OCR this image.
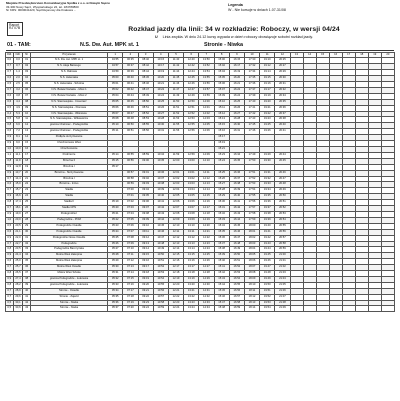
Miejskie Przedsiębiorstwo Komunikacyjne Spółka z o.o. w Nowym Sączu
33-300 Nowy Sącz, Wyspiańskiego 22, tel. 184780800
Nr KRS: 0000041220, Sąd Rejonowy dla Krakowa ...
Legenda
W - Nie kursuje w dniach 1.07-31/08
Raport
RJ 07B	Rozkład jazdy dla linii: 34 w rozkładzie: Roboczy, w wersji 04/24
U Linia zwykła. W dniu 24.12 kursy wypada w dzień roboczy obowiązuje sobotni rozkład jazdy.
01 - TAM:	N.S. Dw. Aut. MPK st. 1	Stronie - Niwka
Odl.	Odl.	Nr	Przystanek	1	2	3	4	5	6	7	8	9	10	11	12	13	14	15	16	17	18	19	20
0,0	0,0	01	N.S. Dw. Aut. MPK st. 1	04:55	06:35	08:40	10:15	11:40	12:40	13:50	15:00	16:15	17:30	19:10	20:25								
0,7	0,7	02	N.S. Aleja Batorego	04:57	06:37	08:42	10:17	11:42	12:42	13:52	15:02	16:17	17:32	19:12	20:27								
0,7	1,4	03	N.S. Rabowa	04:59	06:39	08:44	10:19	11:44	12:44	13:54	15:04	16:19	17:34	19:14	20:29								
0,6	2,0	04	N.S. Heleniaka	05:00	06:40	08:45	10:20	11:45	12:45	13:55	15:05	16:20	17:35	19:15	20:30								
0,5	2,5	05	N.S. Heleniaka - Szkolna	05:01	06:41	08:46	10:21	11:46	12:46	13:56	15:06	16:21	17:36	19:16	20:31								
0,7	3,2	06	N.S. Bulwar Narwiku - Most 1	05:02	06:42	08:47	10:22	11:47	12:47	13:57	15:07	16:22	17:37	19:17	20:32								
0,6	3,8	07	N.S. Bulwar Narwiku - Most 2	05:04	06:44	08:49	10:24	11:49	12:49	13:59	15:09	16:24	17:39	19:19	20:34								
0,6	4,4	08	N.S. Starowiejska - Cmentarz	05:05	06:45	08:50	10:25	11:50	12:50	14:00	15:10	16:25	17:40	19:20	20:35								
0,5	4,9	09	N.S. Starowiejska - Klonowa	05:06	06:46	08:51	10:26	11:51	12:51	14:01	15:11	16:26	17:41	19:21	20:36								
0,4	5,3	10	N.S. Starowiejska - Wiśniowa	05:07	06:47	08:52	10:27	11:52	12:52	14:02	15:12	16:27	17:42	19:22	20:37								
0,5	5,8	11	N.S. Starowiejska - Witkiewicza	05:08	06:48	08:53	10:28	11:53	12:53	14:03	15:13	16:28	17:43	19:23	20:38								
0,8	6,6	12	granica Chełmiec - Podegrodzie	05:10	06:50	08:55	10:30	11:55	12:55	14:05	15:15	16:30	17:45	19:25	20:40								
0,6	7,2	13	granica Chełmiec - Podegrodzie	05:11	06:51	08:56	10:31	11:56	12:56	14:06	15:16	16:31	17:46	19:26	20:41								
0,9	8,1	14	Podłęże skrzyżowanie								15:17												
0,9	9,0	15	Chochorowice Wieś								15:19												
1,0	10,0	16	Chochorowice								15:21												
1,1	11,1	17	Podrzecze	05:14	06:55	08:59	10:34	11:59	12:59	14:09	15:23	16:34	17:49	19:29	20:44								
0,8	11,9	18	Brzeżna II	05:15	06:56	09:00	10:35	12:00	13:00	14:10	15:24	16:35	17:50	19:30	20:45								
0,9	12,8	19	Brzeżna I	05:17																			
0,9	13,7	20	Brzeżna - Skrzyżowanie		06:57	09:01	10:36	12:01	13:01	14:11	15:25	16:36	17:51	19:31	20:46								
0,7	14,4	21	Brzeżna I		06:58	09:02	10:37	12:02	13:02	14:12	15:26	16:37	17:52	19:32	20:47								
0,6	15,0	22	Brzezna - Intrus		06:59	09:03	10:38	12:03	13:03	14:13	15:27	16:38	17:53	19:33	20:48								
0,7	15,7	23	Stadła		07:00	09:04	10:39	12:04	13:04	14:14	15:28	16:39	17:54	19:34	20:49								
0,9	16,6	24	Stadła		07:01	09:05	10:40	12:05	13:05	14:15	15:29	16:40	17:55	19:35	20:50								
0,8	17,4	25	Stadła II	05:19	07:02	09:06	10:41	12:06	13:06	14:16	15:30	16:41	17:56	19:36	20:51								
0,7	18,1	26	Stadła CPN	05:20	07:03	09:07	10:42	12:07	13:07	14:17	15:31	16:42	17:57	19:37	20:52								
0,9	19,0	27	Podegrodzie I	05:21	07:04	09:08	10:43	12:08	13:08	14:18	15:32	16:43	17:58	19:38	20:53								
1,0	20,0	28	Podegrodzie - POM	05:22	07:05	09:09	10:44	12:09	13:09	14:19	15:33	16:44	17:59	19:39	20:54								
0,5	20,5	29	Podegrodzie Osiedle	05:23	07:06	09:10	10:45	12:10	13:10	14:20	15:34	16:45	18:00	19:40	20:55								
0,6	21,1	30	Podegrodzie Osiedle	05:24	07:07	09:11	10:46	12:11	13:11	14:21	15:35	16:46	18:01	19:41	20:56								
0,9	22,0	31	Podegrodzie Nowe Osiedle	05:25	07:08	09:12	10:47	12:12	13:12	14:22	15:36	16:47	18:02	19:42	20:57								
0,7	22,7	32	Podegrodzie	05:26	07:09	09:13	10:48	12:13	13:13	14:23	15:37	16:48	18:03	19:43	20:58								
0,8	23,5	33	Podegrodzie Barczyńska	05:27	07:10	09:14	10:49	12:14	13:14	14:24	15:38	16:49	18:04	19:44	20:59								
0,9	24,4	34	Mokra Wieś Zakopina	05:28	07:11	09:15	10:50	12:15	13:15	14:25	15:39	16:50	18:05	19:45	21:00								
0,6	25,0	35	Mokra Wieś Zakopina	05:29	07:12	09:16	10:51	12:16	13:16	14:26	15:40	16:51	18:06	19:46	21:01								
0,7	25,7	36	Mokra Wieś Osiedle	05:30	07:13	09:17	10:52	12:17	13:17	14:27	15:41	16:52	18:07	19:47	21:02								
0,8	26,5	37	Mokra Wieś Szkoła	05:31	07:14	09:18	10:53	12:18	13:18	14:28	15:42	16:53	18:08	19:48	21:03								
0,9	27,4	38	granica Podegrodzie - Łukowica	05:32	07:15	09:19	10:54	12:19	13:19	14:29	15:43	16:54	18:09	19:49	21:04								
0,8	28,2	39	granica Podegrodzie - Łukowica	05:33	07:16	09:20	10:55	12:20	13:20	14:30	15:44	16:55	18:10	19:50	21:05								
0,7	28,9	40	Stronie - Osiedle	05:34	07:17	09:21	10:56	12:21	13:21	14:31	15:45	16:56	18:11	19:51	21:06								
0,7	29,6	41	Stronie - Zajazd	05:35	07:18	09:22	10:57	12:22	13:22	14:32	15:46	16:57	18:12	19:52	21:07								
0,5	30,1	42	Stronie - Niwka	05:36	07:19	09:23	10:58	12:23	13:23	14:33	15:47	16:58	18:13	19:53	21:08								
0,5	30,6	43	Stronie - Niwka	05:37	07:20	09:24	10:59	12:24	13:24	14:34	15:48	16:59	18:14	19:54	21:09								
